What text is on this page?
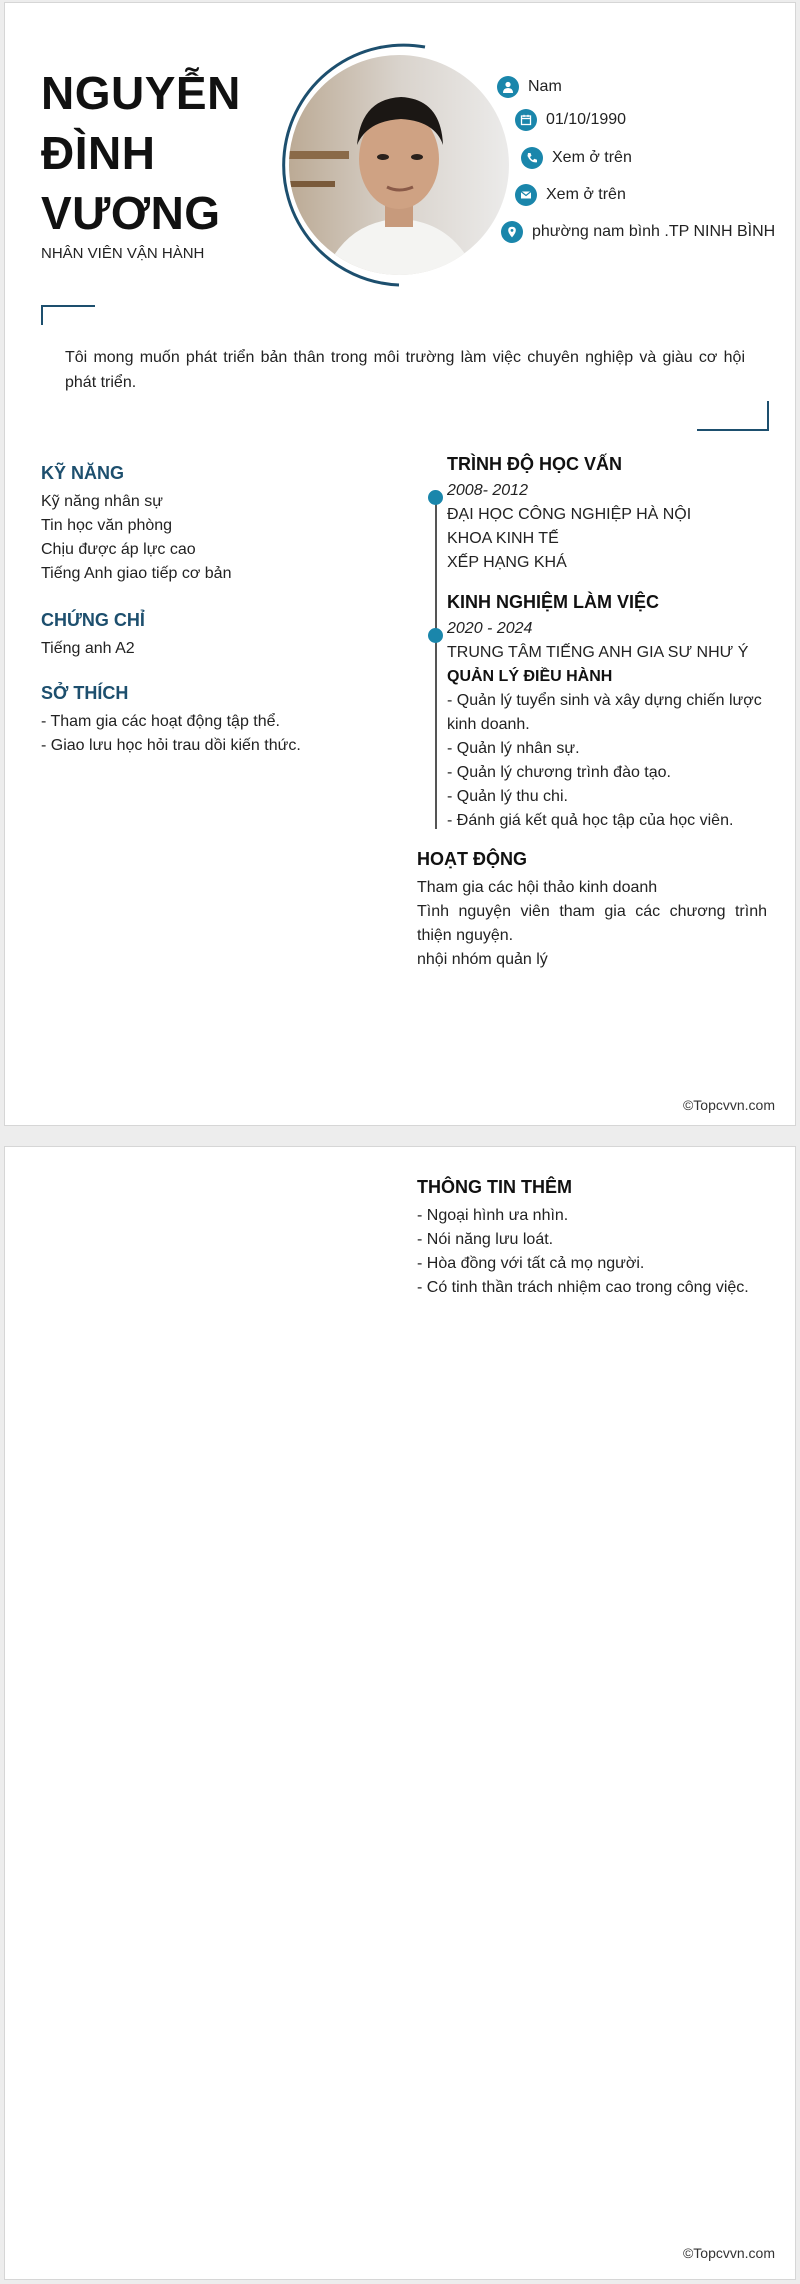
NGUYỄN
ĐÌNH
VƯƠNG
NHÂN VIÊN VẬN HÀNH
Nam
01/10/1990
Xem ở trên
Xem ở trên
phường nam bình .TP NINH BÌNH
Tôi mong muốn phát triển bản thân trong môi trường làm việc chuyên nghiệp và giàu cơ hội phát triển.
KỸ NĂNG
Kỹ năng nhân sự
Tin học văn phòng
Chịu được áp lực cao
Tiếng Anh giao tiếp cơ bản
CHỨNG CHỈ
Tiếng anh A2
SỞ THÍCH
- Tham gia các hoạt động tập thể.
- Giao lưu học hỏi trau dồi kiến thức.
TRÌNH ĐỘ HỌC VẤN
2008- 2012
ĐẠI HỌC CÔNG NGHIỆP HÀ NỘI
KHOA KINH TẾ
XẾP HẠNG KHÁ
KINH NGHIỆM LÀM VIỆC
2020 - 2024
TRUNG TÂM TIẾNG ANH GIA SƯ NHƯ Ý
QUẢN LÝ ĐIỀU HÀNH
- Quản lý tuyển sinh và xây dựng chiến lược kinh doanh.
- Quản lý nhân sự.
- Quản lý chương trình đào tạo.
- Quản lý thu chi.
- Đánh giá kết quả học tập của học viên.
HOẠT ĐỘNG
Tham gia các hội thảo kinh doanh
Tình nguyện viên tham gia các chương trình thiện nguyện.
nhội nhóm quản lý
©Topcvvn.com
THÔNG TIN THÊM
- Ngoại hình ưa nhìn.
- Nói năng lưu loát.
- Hòa đồng với tất cả mọ người.
- Có tinh thần trách nhiệm cao trong công việc.
©Topcvvn.com
